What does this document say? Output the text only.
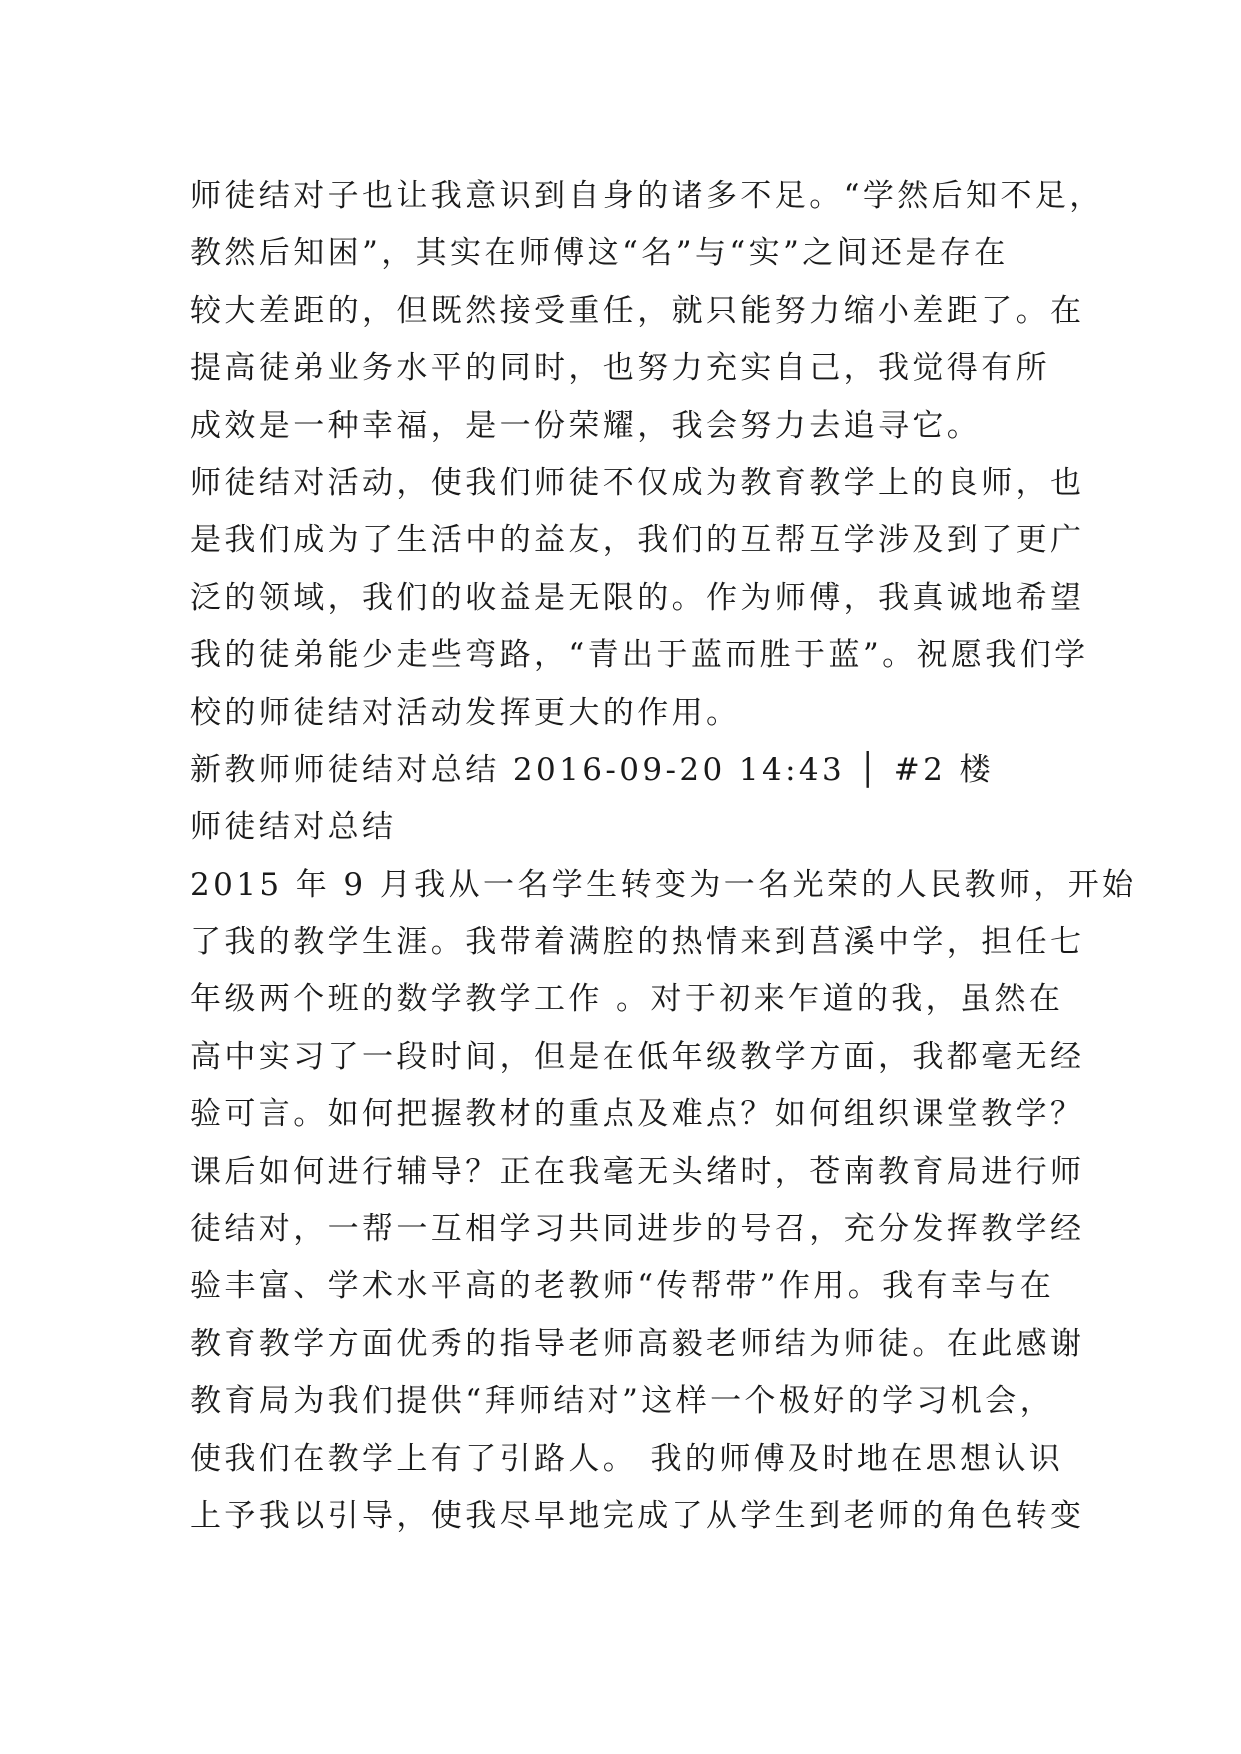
师徒结对子也让我意识到自身的诸多不足。“学然后知不足，
教然后知困”，其实在师傅这“名”与“实”之间还是存在
较大差距的，但既然接受重任，就只能努力缩小差距了。在
提高徒弟业务水平的同时，也努力充实自己，我觉得有所
成效是一种幸福，是一份荣耀，我会努力去追寻它。
师徒结对活动，使我们师徒不仅成为教育教学上的良师，也
是我们成为了生活中的益友，我们的互帮互学涉及到了更广
泛的领域，我们的收益是无限的。作为师傅，我真诚地希望
我的徒弟能少走些弯路，“青出于蓝而胜于蓝”。祝愿我们学
校的师徒结对活动发挥更大的作用。
新教师师徒结对总结 2016-09-20 14:43 │ #2 楼
师徒结对总结
2015 年 9 月我从一名学生转变为一名光荣的人民教师，开始
了我的教学生涯。我带着满腔的热情来到莒溪中学，担任七
年级两个班的数学教学工作 。对于初来乍道的我，虽然在
高中实习了一段时间，但是在低年级教学方面，我都毫无经
验可言。如何把握教材的重点及难点？如何组织课堂教学？
课后如何进行辅导？正在我毫无头绪时，苍南教育局进行师
徒结对，一帮一互相学习共同进步的号召，充分发挥教学经
验丰富、学术水平高的老教师“传帮带”作用。我有幸与在
教育教学方面优秀的指导老师高毅老师结为师徒。在此感谢
教育局为我们提供“拜师结对”这样一个极好的学习机会，
使我们在教学上有了引路人。 我的师傅及时地在思想认识
上予我以引导，使我尽早地完成了从学生到老师的角色转变
